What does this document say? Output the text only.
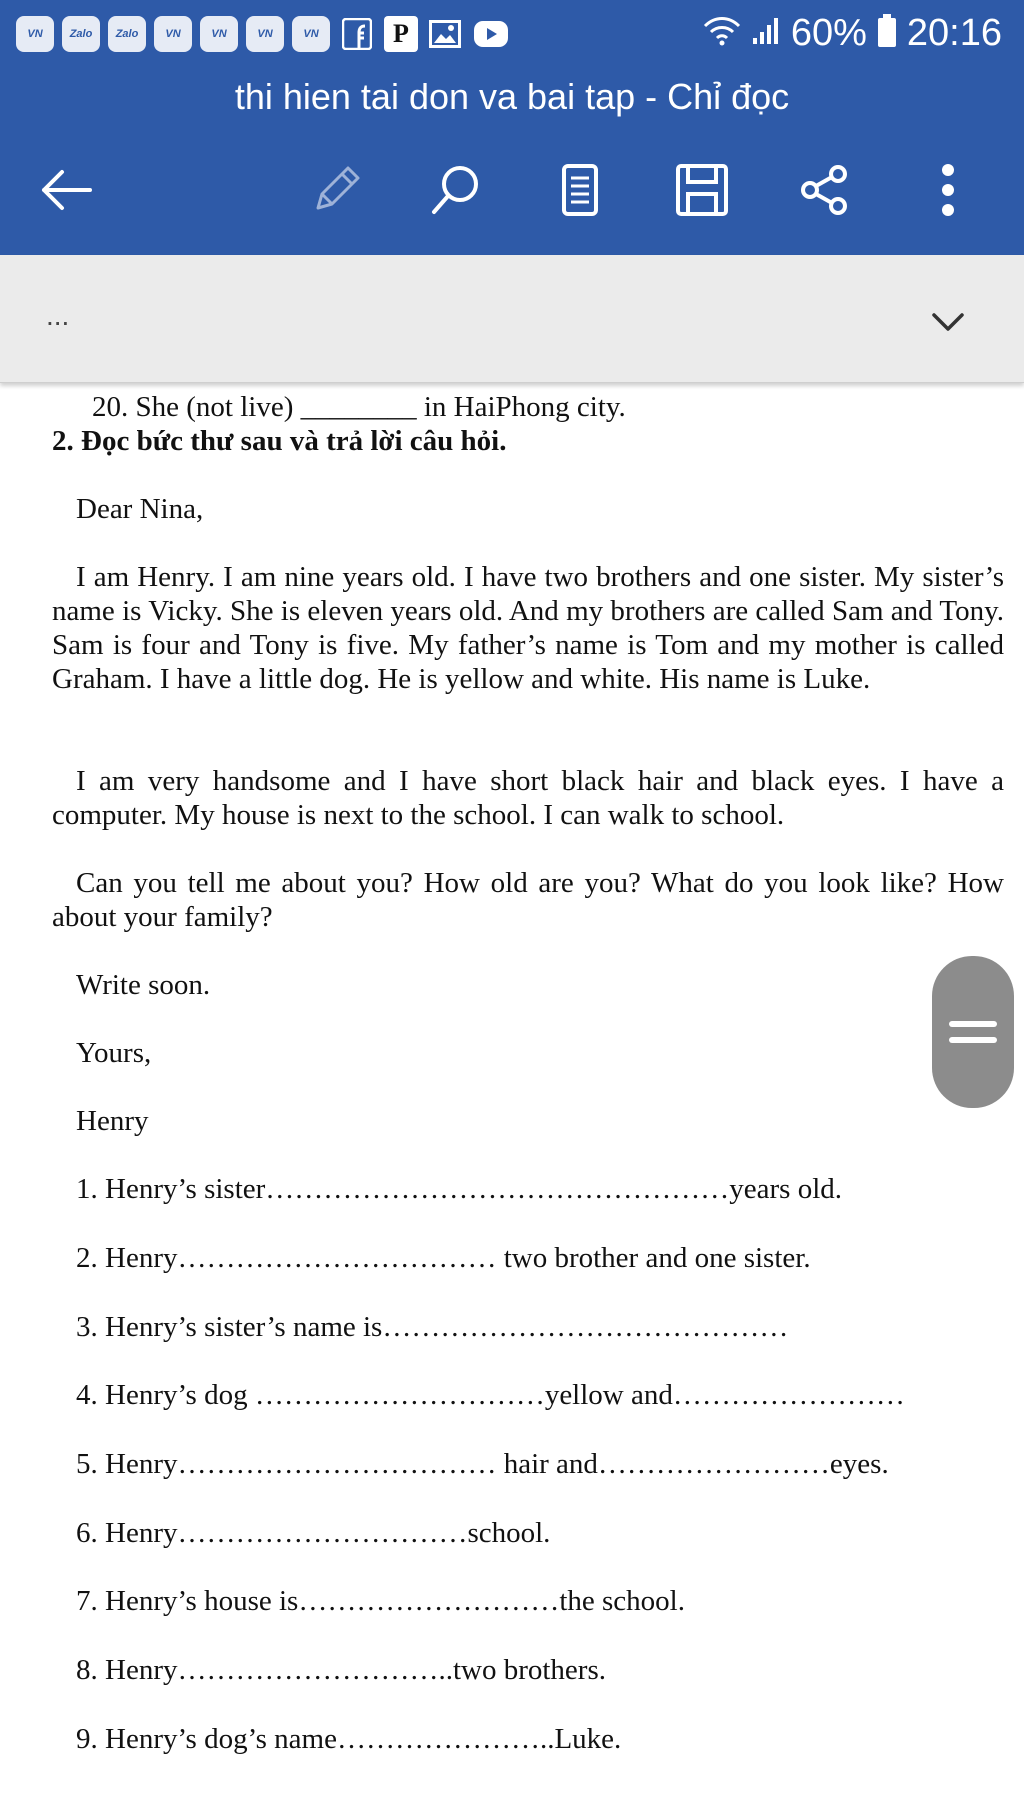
VN	Zalo	Zalo	VN	VN	VN	VN	P	60% 20:16
thi hien tai don va bai tap - Chỉ đọc
...
20. She (not live) ________ in HaiPhong city.
2. Đọc bức thư sau và trả lời câu hỏi.
Dear Nina,
I am Henry. I am nine years old. I have two brothers and one sister. My sister’s name is Vicky. She is eleven years old. And my brothers are called Sam and Tony. Sam is four and Tony is five. My father’s name is Tom and my mother is called Graham. I have a little dog. He is yellow and white. His name is Luke.
I am very handsome and I have short black hair and black eyes. I have a computer. My house is next to the school. I can walk to school.
Can you tell me about you? How old are you? What do you look like? How about your family?
Write soon.
Yours,
Henry
1. Henry’s sister…………………………………………years old.
2. Henry…………………………… two brother and one sister.
3. Henry’s sister’s name is……………………………………
4. Henry’s dog …………………………yellow and……………………
5. Henry…………………………… hair and……………………eyes.
6. Henry…………………………school.
7. Henry’s house is………………………the school.
8. Henry………………………..two brothers.
9. Henry’s dog’s name…………………..Luke.
